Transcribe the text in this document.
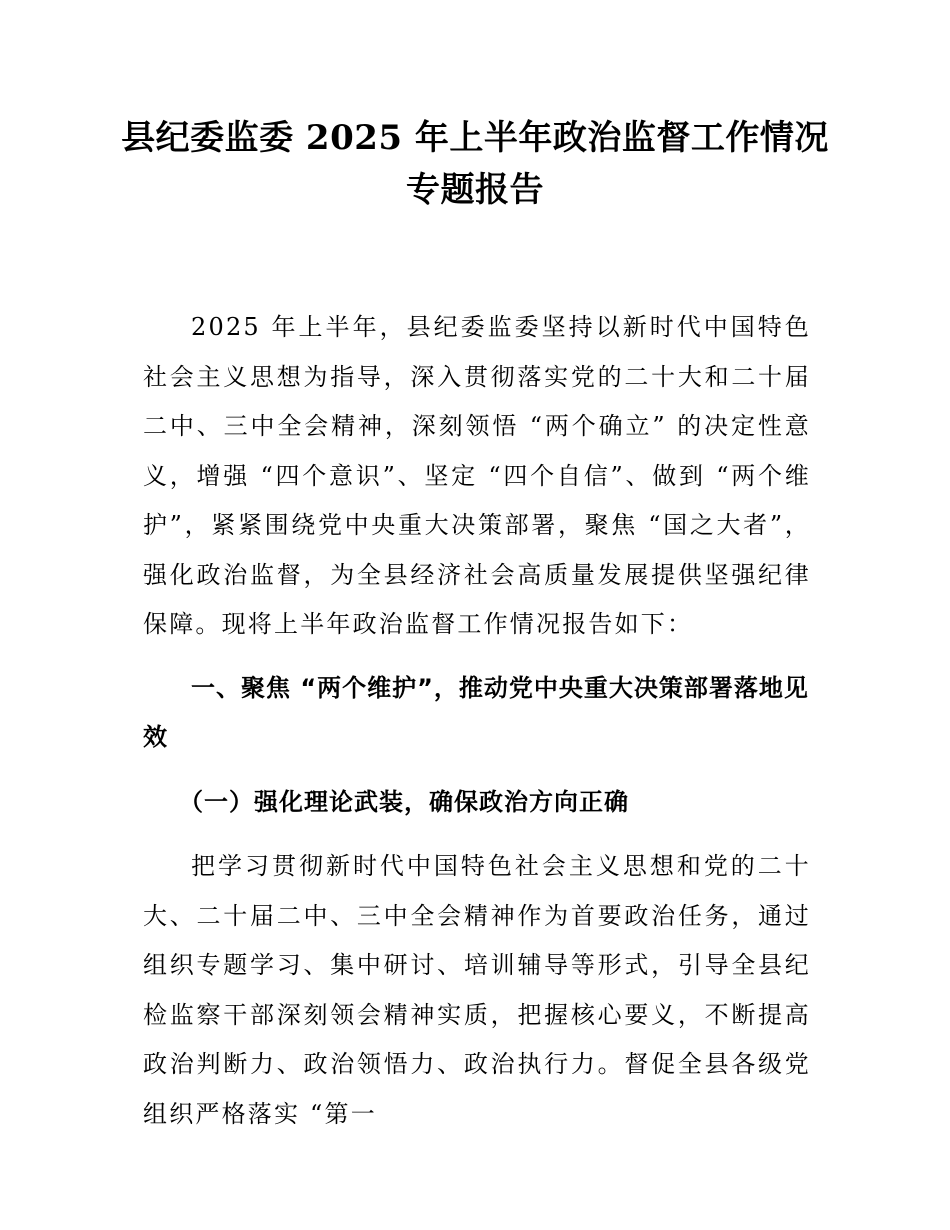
县纪委监委 2025 年上半年政治监督工作情况专题报告

2025 年上半年，县纪委监委坚持以新时代中国特色社会主义思想为指导，深入贯彻落实党的二十大和二十届二中、三中全会精神，深刻领悟 “两个确立” 的决定性意义，增强 “四个意识”、坚定 “四个自信”、做到 “两个维护”，紧紧围绕党中央重大决策部署，聚焦 “国之大者”，强化政治监督，为全县经济社会高质量发展提供坚强纪律保障。现将上半年政治监督工作情况报告如下：

一、聚焦 “两个维护”，推动党中央重大决策部署落地见效

（一）强化理论武装，确保政治方向正确

把学习贯彻新时代中国特色社会主义思想和党的二十大、二十届二中、三中全会精神作为首要政治任务，通过组织专题学习、集中研讨、培训辅导等形式，引导全县纪检监察干部深刻领会精神实质，把握核心要义，不断提高政治判断力、政治领悟力、政治执行力。督促全县各级党组织严格落实 “第一
